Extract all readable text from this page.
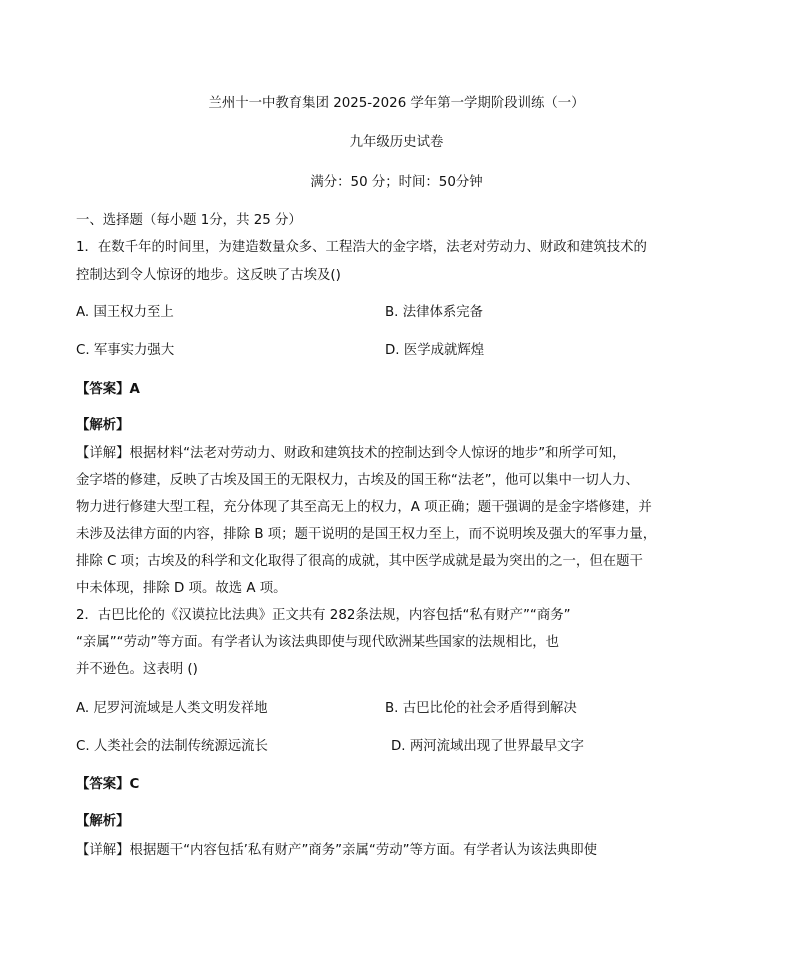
兰州十一中教育集团 2025-2026 学年第一学期阶段训练（一）
九年级历史试卷
满分：50 分；时间：50分钟
一、选择题（每小题 1分，共 25 分）
1．在数千年的时间里，为建造数量众多、工程浩大的金字塔，法老对劳动力、财政和建筑技术的
控制达到令人惊讶的地步。这反映了古埃及()
A. 国王权力至上	B. 法律体系完备
C. 军事实力强大	D. 医学成就辉煌
【答案】A
【解析】
【详解】根据材料“法老对劳动力、财政和建筑技术的控制达到令人惊讶的地步”和所学可知，
金字塔的修建，反映了古埃及国王的无限权力，古埃及的国王称“法老”，他可以集中一切人力、
物力进行修建大型工程，充分体现了其至高无上的权力，A 项正确；题干强调的是金字塔修建，并
未涉及法律方面的内容，排除 B 项；题干说明的是国王权力至上，而不说明埃及强大的军事力量，
排除 C 项；古埃及的科学和文化取得了很高的成就，其中医学成就是最为突出的之一，但在题干
中未体现，排除 D 项。故选 A 项。
2．古巴比伦的《汉谟拉比法典》正文共有 282条法规，内容包括“私有财产”“商务”
“亲属”“劳动”等方面。有学者认为该法典即使与现代欧洲某些国家的法规相比，也
并不逊色。这表明 ()
A. 尼罗河流域是人类文明发祥地	B. 古巴比伦的社会矛盾得到解决
C. 人类社会的法制传统源远流长	D. 两河流域出现了世界最早文字
【答案】C
【解析】
【详解】根据题干“内容包括’私有财产”商务”亲属“劳动”等方面。有学者认为该法典即使
